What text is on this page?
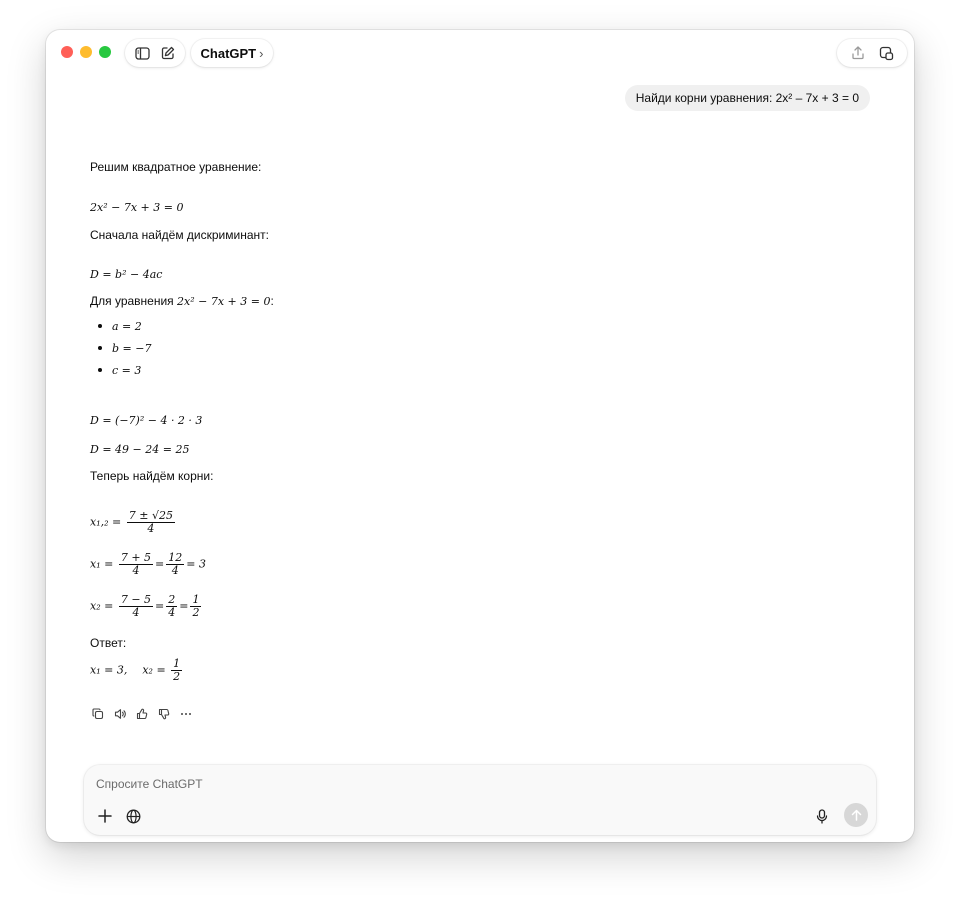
ChatGPT ›
Найди корни уравнения: 2x² – 7x + 3 = 0
Решим квадратное уравнение:
2x² − 7x + 3 = 0
Сначала найдём дискриминант:
D = b² − 4ac
Для уравнения 2x² − 7x + 3 = 0:
a = 2
b = −7
c = 3
D = (−7)² − 4 · 2 · 3
D = 49 − 24 = 25
Теперь найдём корни:
$x_1,_2 = \frac{7 \pm √25}{4}$
$x_1 = \frac{7 + 5}{4} = \frac{12}{4} = 3$
$x_2 = \frac{7 - 5}{4} = \frac{2}{4} = \frac{1}{2}$
Ответ:
x₁ = 3, $x_2 = \frac{1}{2}$
Спросите ChatGPT
